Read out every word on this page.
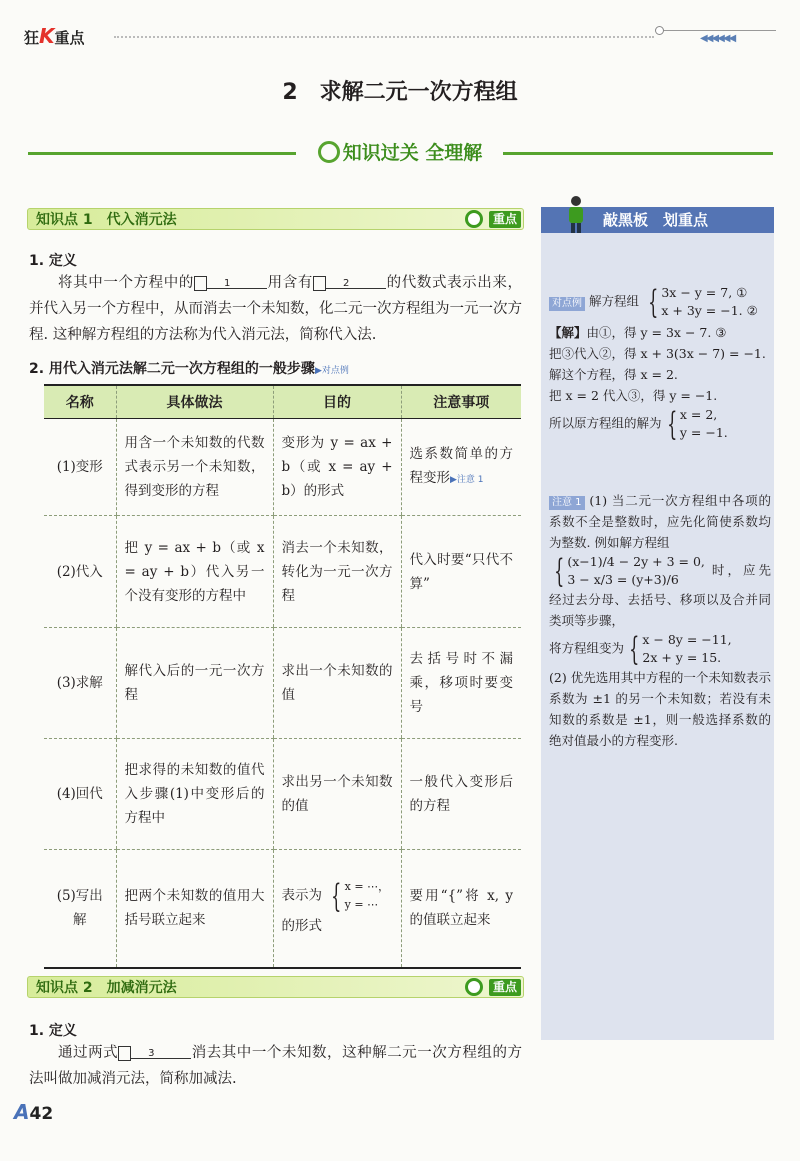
狂K重点	◀◀◀◀◀◀
2　求解二元一次方程组
知识过关 全理解
知识点 1　代入消元法	重点
1. 定义
将其中一个方程中的	1	用含有	2	的代数式表示出来，并代入另一个方程中，从而消去一个未知数，化二元一次方程组为一元一次方程. 这种解方程组的方法称为代入消元法，简称代入法.
2. 用代入消元法解二元一次方程组的一般步骤▶对点例
名称	具体做法	目的	注意事项
(1)变形	用含一个未知数的代数式表示另一个未知数，得到变形的方程	变形为 y = ax + b（或 x = ay + b）的形式	选系数简单的方程变形▶注意 1
(2)代入	把 y = ax + b（或 x = ay + b）代入另一个没有变形的方程中	消去一个未知数，转化为一元一次方程	代入时要“只代不算”
(3)求解	解代入后的一元一次方程	求出一个未知数的值	去括号时不漏乘，移项时要变号
(4)回代	把求得的未知数的值代入步骤(1)中变形后的方程中	求出另一个未知数的值	一般代入变形后的方程
(5)写出解	把两个未知数的值用大括号联立起来	表示为 { x = ⋯，
y = ⋯
的形式	要用“{”将 x, y 的值联立起来
知识点 2　加减消元法	重点
1. 定义
通过两式	3	消去其中一个未知数，这种解二元一次方程组的方法叫做加减消元法，简称加减法.
敲黑板　划重点
对点例 解方程组 { 3x − y = 7, ①
x + 3y = −1. ②
【解】由①，得 y = 3x − 7. ③
把③代入②，得 x + 3(3x − 7) = −1.
解这个方程，得 x = 2.
把 x = 2 代入③，得 y = −1.
所以原方程组的解为 { x = 2,
y = −1.
注意 1 (1) 当二元一次方程组中各项的系数不全是整数时，应先化简使系数均为整数. 例如解方程组
{ (x−1)/4 − 2y + 3 = 0,
3 − x/3 = (y+3)/6 时，应先经过去分母、去括号、移项以及合并同类项等步骤，
将方程组变为 { x − 8y = −11,
2x + y = 15.
(2) 优先选用其中方程的一个未知数表示系数为 ±1 的另一个未知数；若没有未知数的系数是 ±1，则一般选择系数的绝对值最小的方程变形.
A42
